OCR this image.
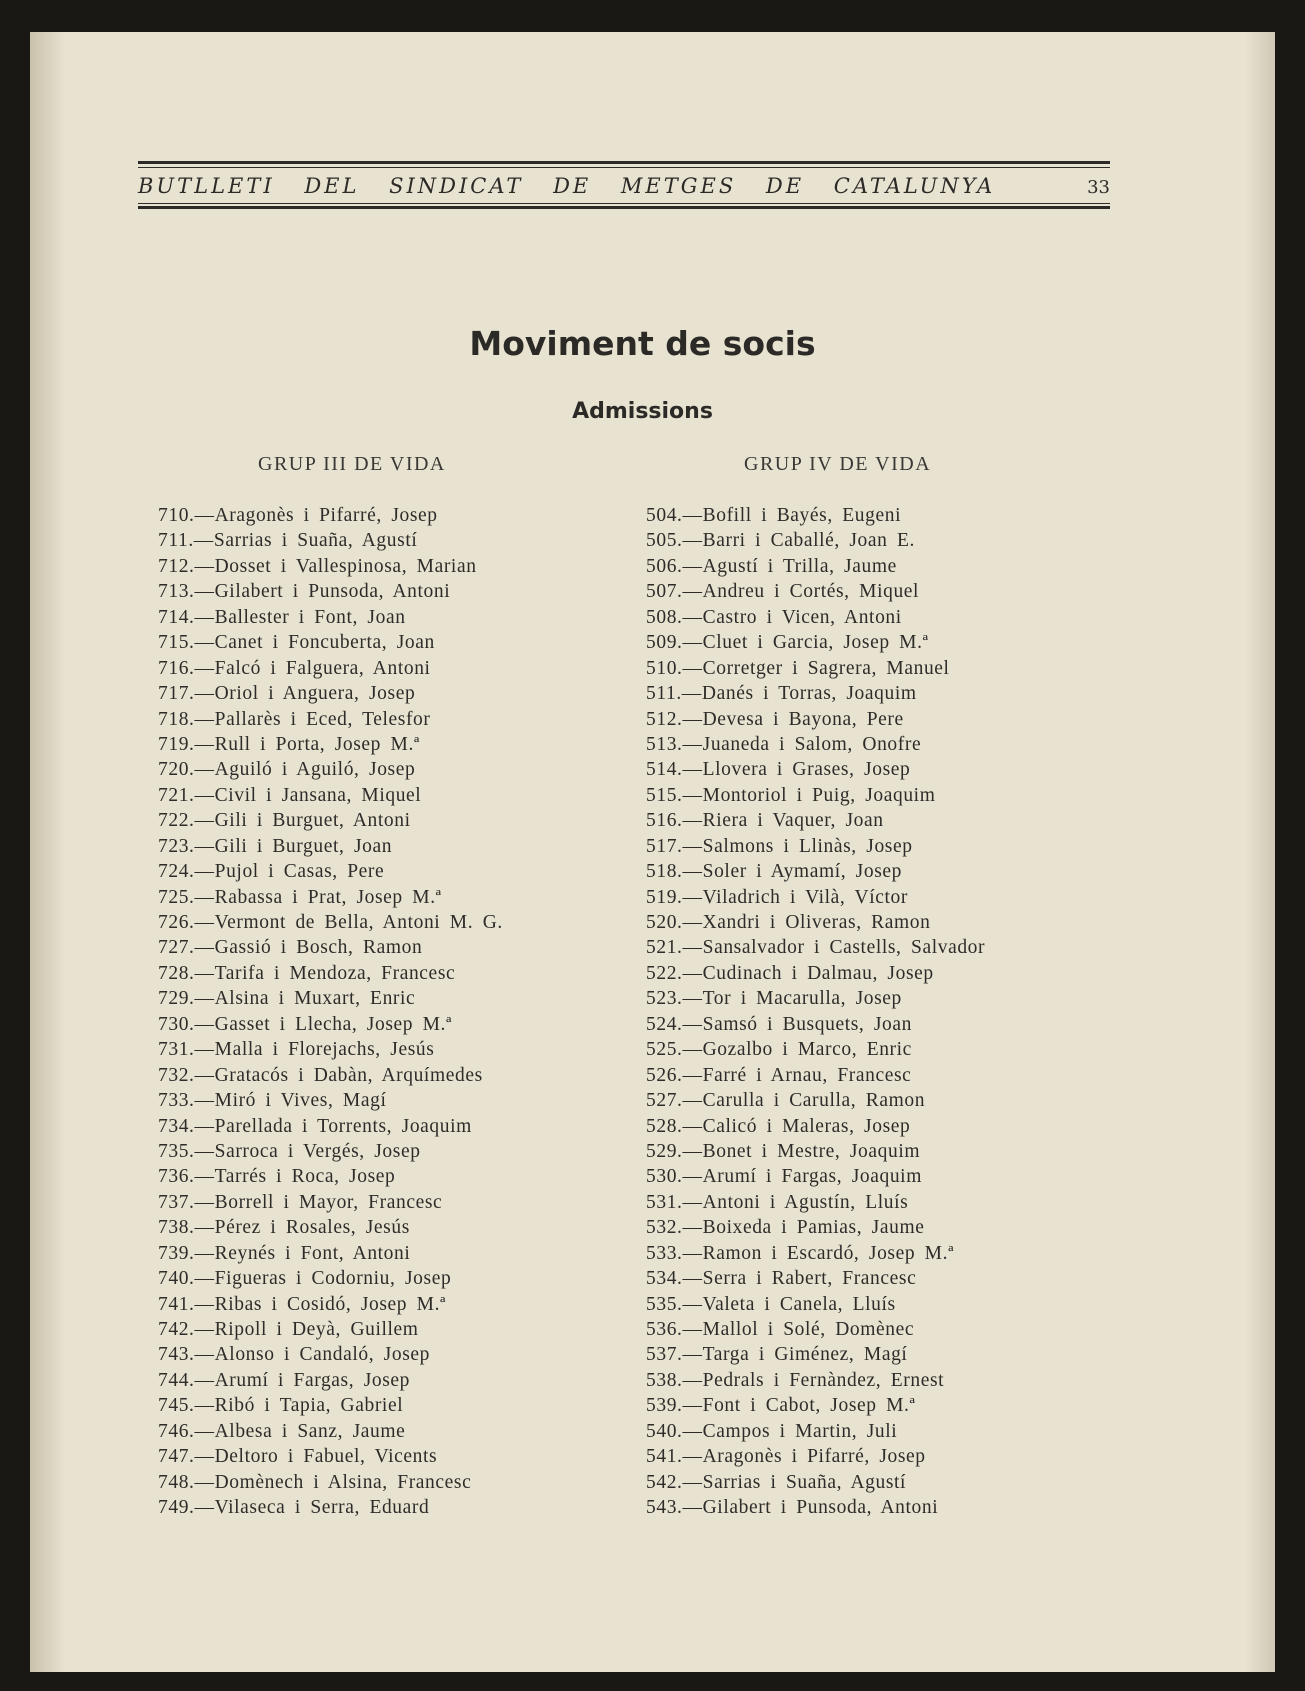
BUTLLETI DEL SINDICAT DE METGES DE CATALUNYA	33
Moviment de socis
Admissions
GRUP III DE VIDA	GRUP IV DE VIDA
710.—Aragonès i Pifarré, Josep
711.—Sarrias i Suaña, Agustí
712.—Dosset i Vallespinosa, Marian
713.—Gilabert i Punsoda, Antoni
714.—Ballester i Font, Joan
715.—Canet i Foncuberta, Joan
716.—Falcó i Falguera, Antoni
717.—Oriol i Anguera, Josep
718.—Pallarès i Eced, Telesfor
719.—Rull i Porta, Josep M.ª
720.—Aguiló i Aguiló, Josep
721.—Civil i Jansana, Miquel
722.—Gili i Burguet, Antoni
723.—Gili i Burguet, Joan
724.—Pujol i Casas, Pere
725.—Rabassa i Prat, Josep M.ª
726.—Vermont de Bella, Antoni M. G.
727.—Gassió i Bosch, Ramon
728.—Tarifa i Mendoza, Francesc
729.—Alsina i Muxart, Enric
730.—Gasset i Llecha, Josep M.ª
731.—Malla i Florejachs, Jesús
732.—Gratacós i Dabàn, Arquímedes
733.—Miró i Vives, Magí
734.—Parellada i Torrents, Joaquim
735.—Sarroca i Vergés, Josep
736.—Tarrés i Roca, Josep
737.—Borrell i Mayor, Francesc
738.—Pérez i Rosales, Jesús
739.—Reynés i Font, Antoni
740.—Figueras i Codorniu, Josep
741.—Ribas i Cosidó, Josep M.ª
742.—Ripoll i Deyà, Guillem
743.—Alonso i Candaló, Josep
744.—Arumí i Fargas, Josep
745.—Ribó i Tapia, Gabriel
746.—Albesa i Sanz, Jaume
747.—Deltoro i Fabuel, Vicents
748.—Domènech i Alsina, Francesc
749.—Vilaseca i Serra, Eduard
504.—Bofill i Bayés, Eugeni
505.—Barri i Caballé, Joan E.
506.—Agustí i Trilla, Jaume
507.—Andreu i Cortés, Miquel
508.—Castro i Vicen, Antoni
509.—Cluet i Garcia, Josep M.ª
510.—Corretger i Sagrera, Manuel
511.—Danés i Torras, Joaquim
512.—Devesa i Bayona, Pere
513.—Juaneda i Salom, Onofre
514.—Llovera i Grases, Josep
515.—Montoriol i Puig, Joaquim
516.—Riera i Vaquer, Joan
517.—Salmons i Llinàs, Josep
518.—Soler i Aymamí, Josep
519.—Viladrich i Vilà, Víctor
520.—Xandri i Oliveras, Ramon
521.—Sansalvador i Castells, Salvador
522.—Cudinach i Dalmau, Josep
523.—Tor i Macarulla, Josep
524.—Samsó i Busquets, Joan
525.—Gozalbo i Marco, Enric
526.—Farré i Arnau, Francesc
527.—Carulla i Carulla, Ramon
528.—Calicó i Maleras, Josep
529.—Bonet i Mestre, Joaquim
530.—Arumí i Fargas, Joaquim
531.—Antoni i Agustín, Lluís
532.—Boixeda i Pamias, Jaume
533.—Ramon i Escardó, Josep M.ª
534.—Serra i Rabert, Francesc
535.—Valeta i Canela, Lluís
536.—Mallol i Solé, Domènec
537.—Targa i Giménez, Magí
538.—Pedrals i Fernàndez, Ernest
539.—Font i Cabot, Josep M.ª
540.—Campos i Martin, Juli
541.—Aragonès i Pifarré, Josep
542.—Sarrias i Suaña, Agustí
543.—Gilabert i Punsoda, Antoni
